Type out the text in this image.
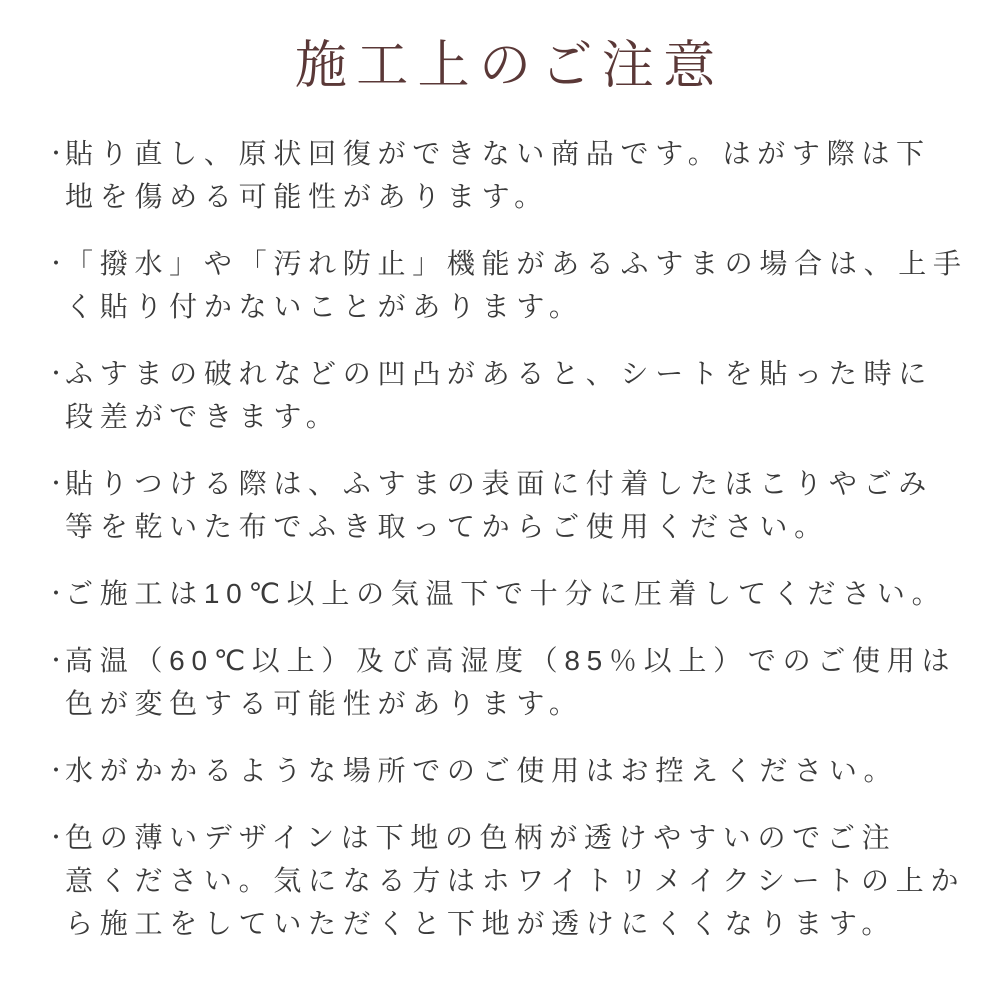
施工上のご注意
・
貼り直し、原状回復ができない商品です。はがす際は下
地を傷める可能性があります。
・
「撥水」や「汚れ防止」機能があるふすまの場合は、上手
く貼り付かないことがあります。
・
ふすまの破れなどの凹凸があると、シートを貼った時に
段差ができます。
・
貼りつける際は、ふすまの表面に付着したほこりやごみ
等を乾いた布でふき取ってからご使用ください。
・
ご施工は10℃以上の気温下で十分に圧着してください。
・
高温（60℃以上）及び高湿度（85％以上）でのご使用は
色が変色する可能性があります。
・
水がかかるような場所でのご使用はお控えください。
・
色の薄いデザインは下地の色柄が透けやすいのでご注
意ください。気になる方はホワイトリメイクシートの上か
ら施工をしていただくと下地が透けにくくなります。
